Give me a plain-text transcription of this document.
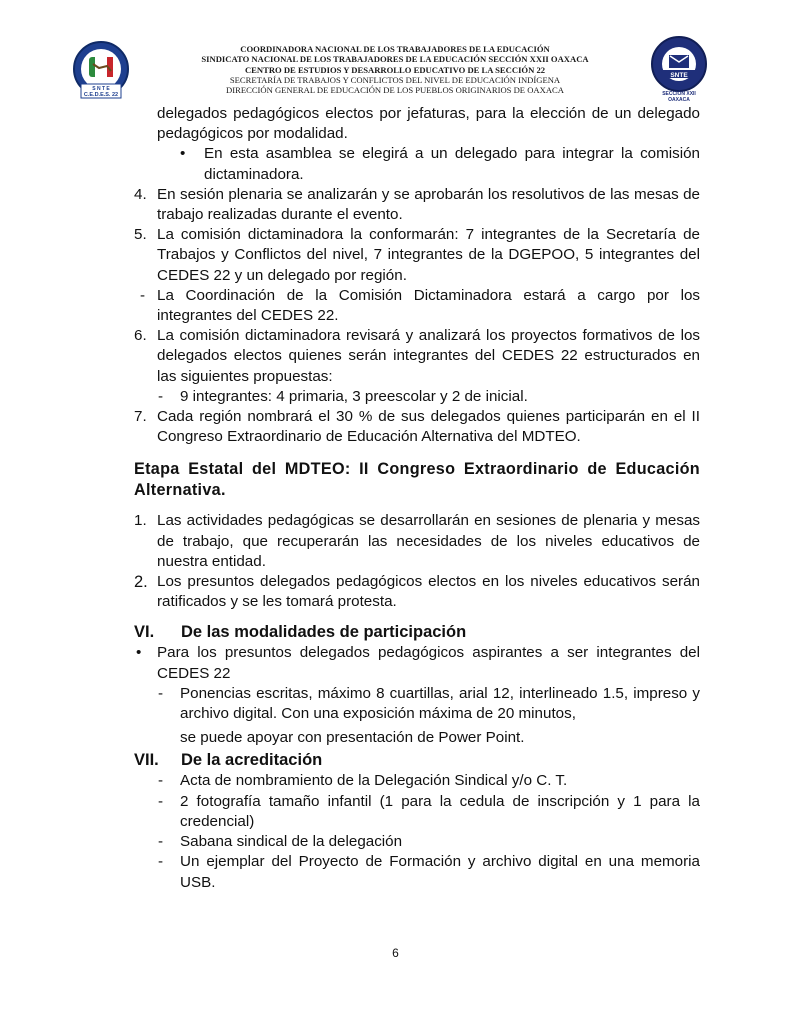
S N T E
C.E.D.E.S. 22
COORDINADORA NACIONAL DE LOS TRABAJADORES DE LA EDUCACIÓN
SINDICATO NACIONAL DE LOS TRABAJADORES DE LA EDUCACIÓN SECCIÓN XXII OAXACA
CENTRO DE ESTUDIOS Y DESARROLLO EDUCATIVO DE LA SECCIÓN 22
SECRETARÍA DE TRABAJOS Y CONFLICTOS DEL NIVEL DE EDUCACIÓN INDÍGENA
DIRECCIÓN GENERAL DE EDUCACIÓN DE LOS PUEBLOS ORIGINARIOS DE OAXACA
SNTE
SECCIÓN XXII
OAXACA
delegados pedagógicos electos por jefaturas, para la elección de un delegado pedagógicos por modalidad.
• En esta asamblea se elegirá a un delegado para integrar la comisión dictaminadora.
4. En sesión plenaria se analizarán y se aprobarán los resolutivos de las mesas de trabajo realizadas durante el evento.
5. La comisión dictaminadora la conformarán: 7 integrantes de la Secretaría de Trabajos y Conflictos del nivel, 7 integrantes de la DGEPOO, 5 integrantes del CEDES 22 y un delegado por región.
- La Coordinación de la Comisión Dictaminadora estará a cargo por los integrantes del CEDES 22.
6. La comisión dictaminadora revisará y analizará los proyectos formativos de los delegados electos quienes serán integrantes del CEDES 22 estructurados en las siguientes propuestas:
- 9 integrantes: 4 primaria, 3 preescolar y 2 de inicial.
7. Cada región nombrará el 30 % de sus delegados quienes participarán en el II Congreso Extraordinario de Educación Alternativa del MDTEO.
Etapa Estatal del MDTEO: II Congreso Extraordinario de Educación Alternativa.
1. Las actividades pedagógicas se desarrollarán en sesiones de plenaria y mesas de trabajo, que recuperarán las necesidades de los niveles educativos de nuestra entidad.
2. Los presuntos delegados pedagógicos electos en los niveles educativos serán ratificados y se les tomará protesta.
VI. De las modalidades de participación
• Para los presuntos delegados pedagógicos aspirantes a ser integrantes del CEDES 22
- Ponencias escritas, máximo 8 cuartillas, arial 12, interlineado 1.5, impreso y archivo digital. Con una exposición máxima de 20 minutos,
se puede apoyar con presentación de Power Point.
VII. De la acreditación
- Acta de nombramiento de la Delegación Sindical y/o C. T.
- 2 fotografía tamaño infantil (1 para la cedula de inscripción y 1 para la credencial)
- Sabana sindical de la delegación
- Un ejemplar del Proyecto de Formación y archivo digital en una memoria USB.
6
